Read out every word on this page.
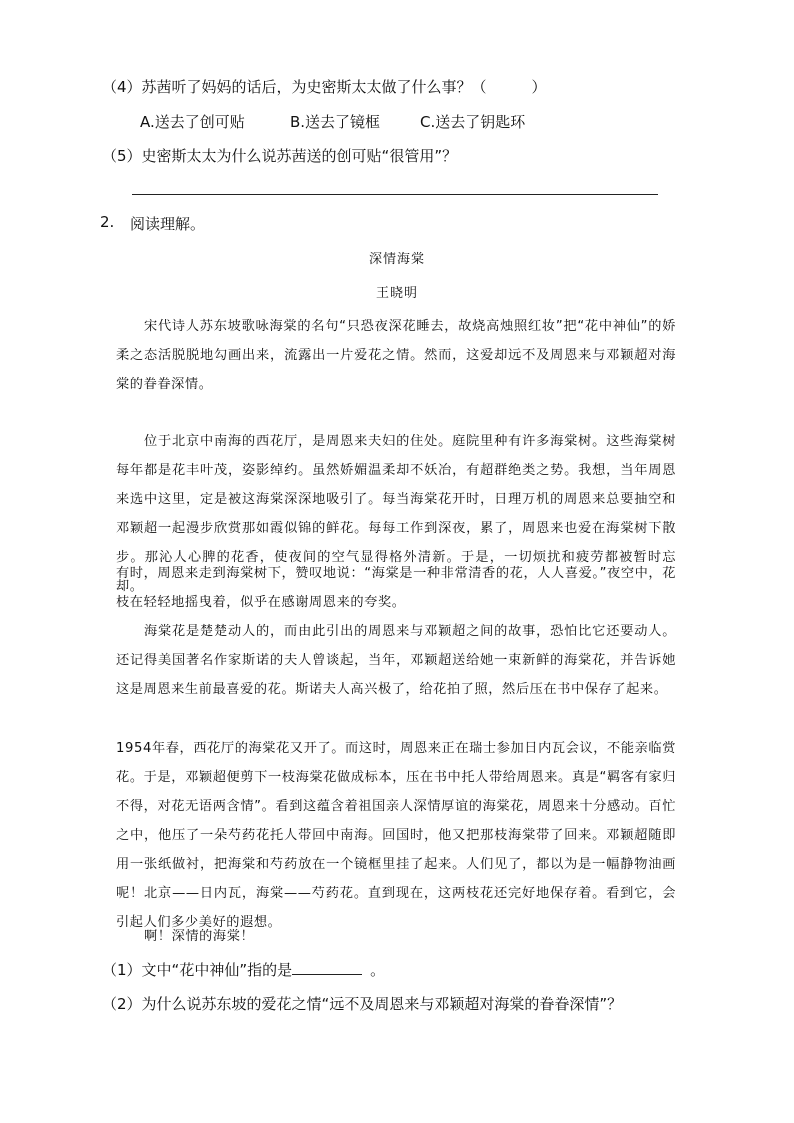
（4）苏茜听了妈妈的话后，为史密斯太太做了什么事？（　　　）
A.送去了创可贴	B.送去了镜框	C.送去了钥匙环
（5）史密斯太太为什么说苏茜送的创可贴“很管用”？
2. 阅读理解。
深情海棠
王晓明
宋代诗人苏东坡歌咏海棠的名句“只恐夜深花睡去，故烧高烛照红妆”把“花中神仙”的娇柔之态活脱脱地勾画出来，流露出一片爱花之情。然而，这爱却远不及周恩来与邓颖超对海棠的眷眷深情。
位于北京中南海的西花厅，是周恩来夫妇的住处。庭院里种有许多海棠树。这些海棠树每年都是花丰叶茂，姿影绰约。虽然娇媚温柔却不妖冶，有超群绝类之势。我想，当年周恩来选中这里，定是被这海棠深深地吸引了。每当海棠花开时，日理万机的周恩来总要抽空和邓颖超一起漫步欣赏那如霞似锦的鲜花。每每工作到深夜，累了，周恩来也爱在海棠树下散步。那沁人心脾的花香，使夜间的空气显得格外清新。于是，一切烦扰和疲劳都被暂时忘却。
有时，周恩来走到海棠树下，赞叹地说：“海棠是一种非常清香的花，人人喜爱。”夜空中，花枝在轻轻地摇曳着，似乎在感谢周恩来的夸奖。
海棠花是楚楚动人的，而由此引出的周恩来与邓颖超之间的故事，恐怕比它还要动人。还记得美国著名作家斯诺的夫人曾谈起，当年，邓颖超送给她一束新鲜的海棠花，并告诉她这是周恩来生前最喜爱的花。斯诺夫人高兴极了，给花拍了照，然后压在书中保存了起来。
1954年春，西花厅的海棠花又开了。而这时，周恩来正在瑞士参加日内瓦会议，不能亲临赏花。于是，邓颖超便剪下一枝海棠花做成标本，压在书中托人带给周恩来。真是“羁客有家归不得，对花无语两含情”。看到这蕴含着祖国亲人深情厚谊的海棠花，周恩来十分感动。百忙之中，他压了一朵芍药花托人带回中南海。回国时，他又把那枝海棠带了回来。邓颖超随即用一张纸做衬，把海棠和芍药放在一个镜框里挂了起来。人们见了，都以为是一幅静物油画呢！北京——日内瓦，海棠——芍药花。直到现在，这两枝花还完好地保存着。看到它，会引起人们多少美好的遐想。
啊！深情的海棠！
（1）文中“花中神仙”指的是	。
（2）为什么说苏东坡的爱花之情“远不及周恩来与邓颖超对海棠的眷眷深情”？
